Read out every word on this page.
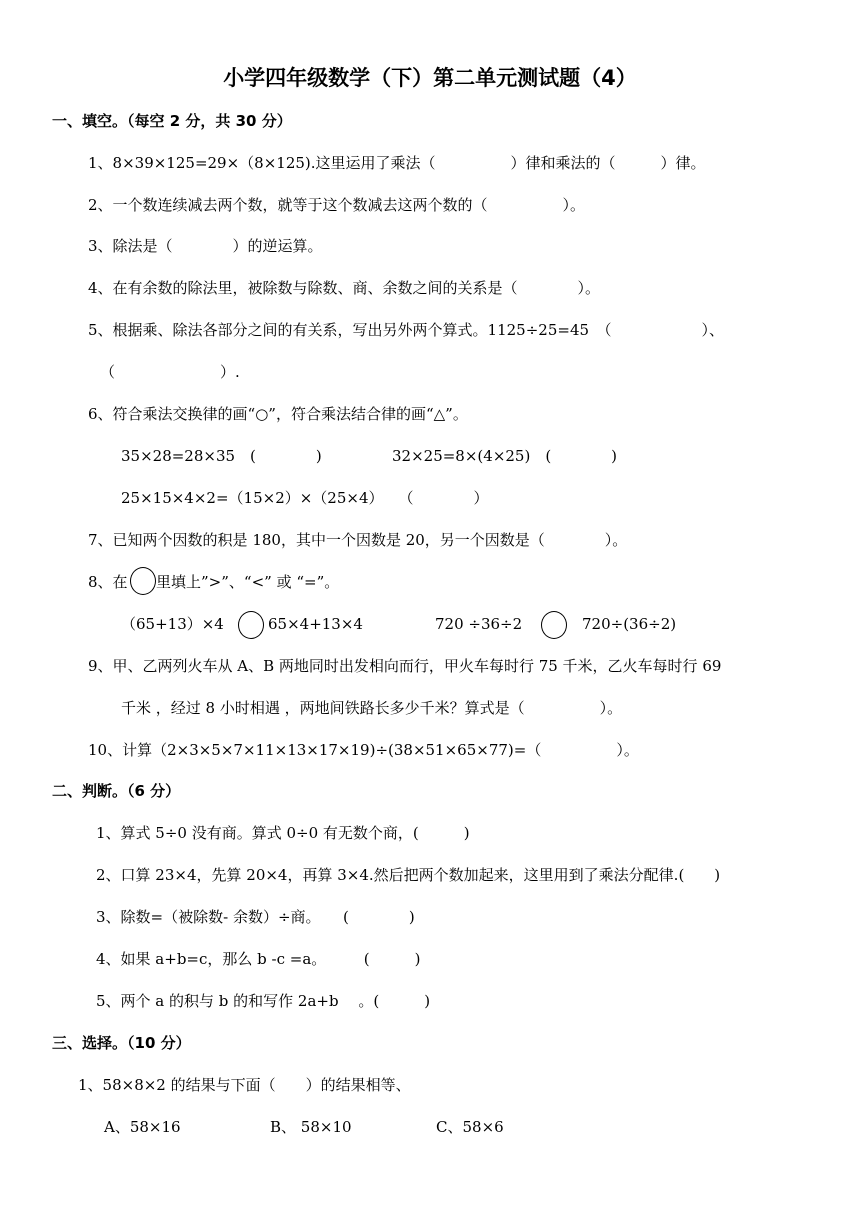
小学四年级数学（下）第二单元测试题（4）
一、填空。（每空 2 分，共 30 分）
1、8×39×125=29×（8×125).这里运用了乘法（　　　　　）律和乘法的（　　　）律。
2、一个数连续减去两个数，就等于这个数减去这两个数的（　　　　　）。
3、除法是（　　　　）的逆运算。
4、在有余数的除法里，被除数与除数、商、余数之间的关系是（　　　　）。
5、根据乘、除法各部分之间的有关系，写出另外两个算式。1125÷25=45　（　　　　　　）、
（　　　　　　　）.
6、符合乘法交换律的画“○”，符合乘法结合律的画“△”。
35×28=28×35　(　　　　)	32×25=8×(4×25)　(　　　　)
25×15×4×2=（15×2）×（25×4）　　（　　　　）
7、已知两个因数的积是 180，其中一个因数是 20，另一个因数是（　　　　）。
8、在 里填上”>”、“<” 或 “=”。
（65+13）×4	65×4+13×4	720 ÷36÷2	720÷(36÷2)
9、甲、乙两列火车从 A、B 两地同时出发相向而行，甲火车每时行 75 千米，乙火车每时行 69
千米 ，经过 8 小时相遇 ，两地间铁路长多少千米？算式是（　　　　　）。
10、计算（2×3×5×7×11×13×17×19)÷(38×51×65×77)=（　　　　　）。
二、判断。（6 分）
1、算式 5÷0 没有商。算式 0÷0 有无数个商，(　　　)
2、口算 23×4，先算 20×4，再算 3×4.然后把两个数加起来，这里用到了乘法分配律.(　　)
3、除数=（被除数- 余数）÷商。　　(　　　　)
4、如果 a+b=c，那么 b -c =a。　　　(　　　)
5、两个 a 的积与 b 的和写作 2a+b　 。(　　　)
三、选择。（10 分）
1、58×8×2 的结果与下面（　　）的结果相等、
A、58×16	B、 58×10	C、58×6
